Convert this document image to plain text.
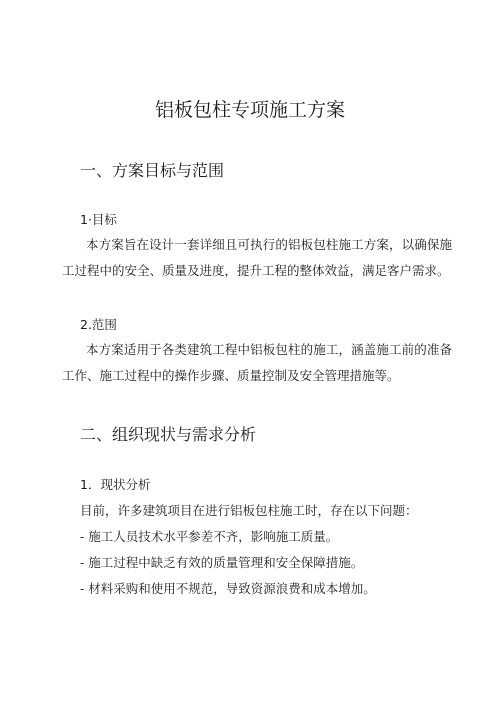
铝板包柱专项施工方案
一、方案目标与范围
1·目标

本方案旨在设计一套详细且可执行的铝板包柱施工方案，以确保施工过程中的安全、质量及进度，提升工程的整体效益，满足客户需求。

2.范围

本方案适用于各类建筑工程中铝板包柱的施工，涵盖施工前的准备工作、施工过程中的操作步骤、质量控制及安全管理措施等。

二、组织现状与需求分析
1．现状分析

目前，许多建筑项目在进行铝板包柱施工时，存在以下问题：

- 施工人员技术水平参差不齐，影响施工质量。

- 施工过程中缺乏有效的质量管理和安全保障措施。

- 材料采购和使用不规范，导致资源浪费和成本增加。
